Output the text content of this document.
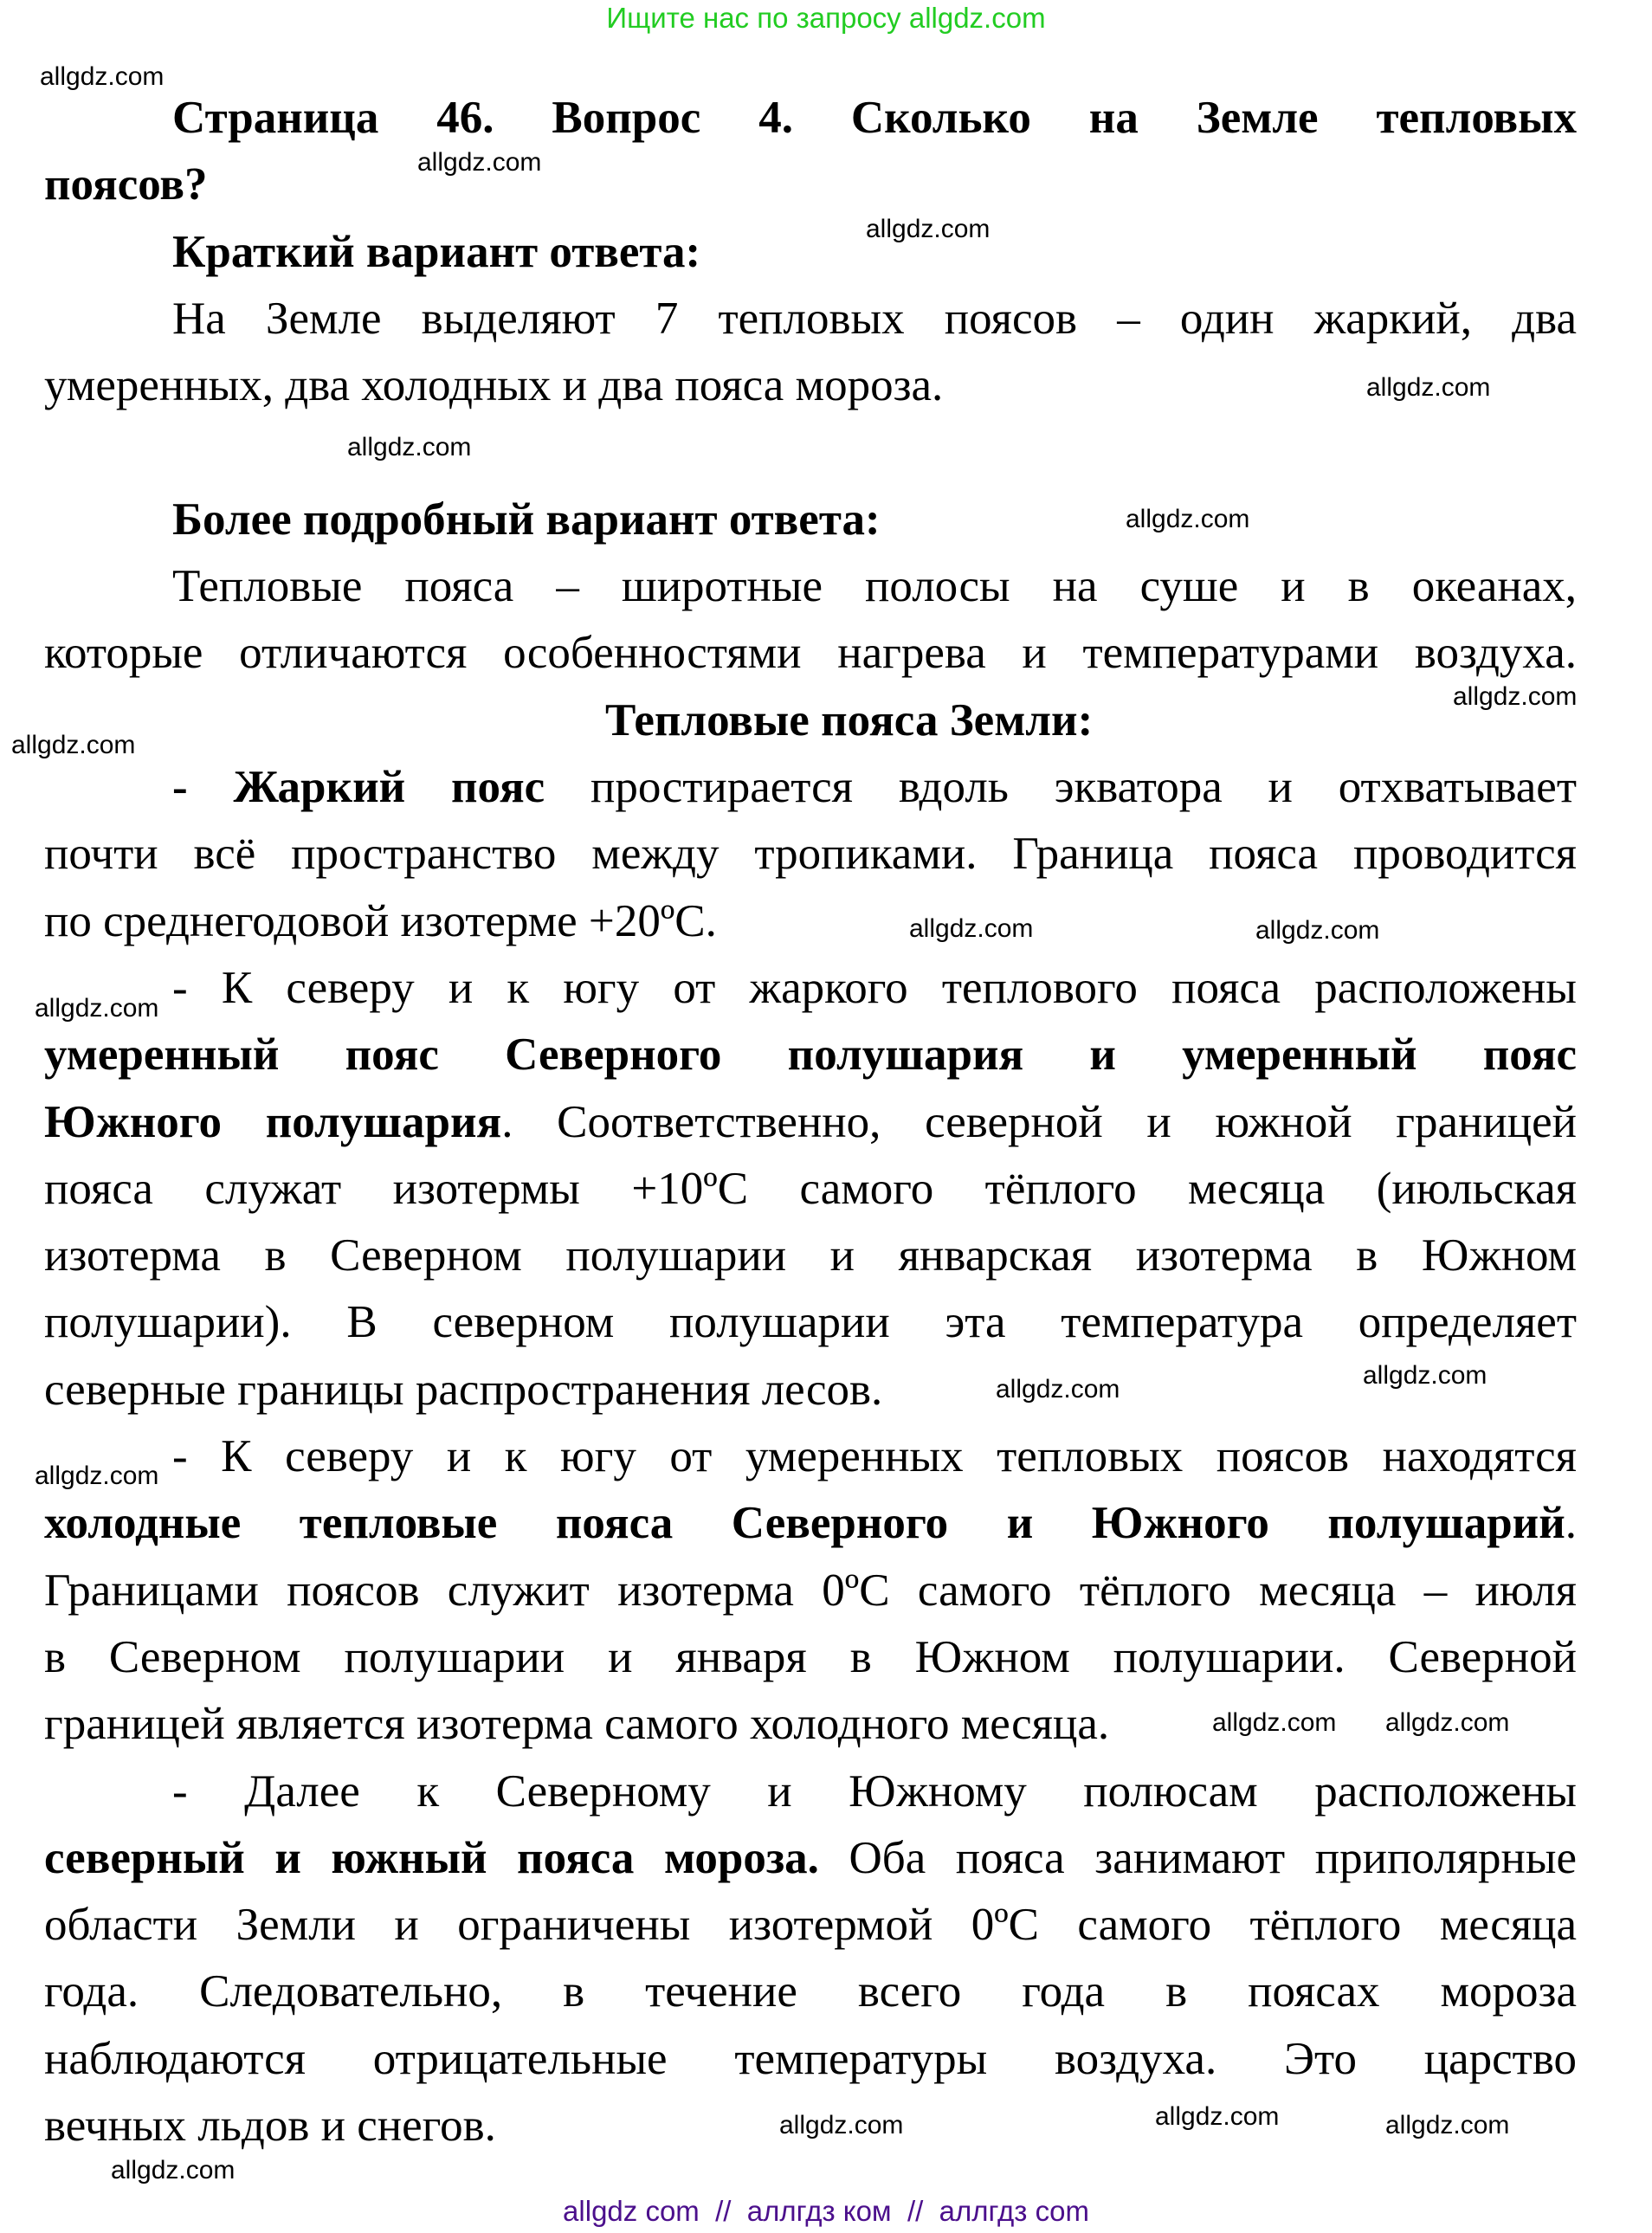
Ищите нас по запросу allgdz.com
Страница 46. Вопрос 4. Сколько на Земле тепловых
поясов?
Краткий вариант ответа:
На Земле выделяют 7 тепловых поясов – один жаркий, два
умеренных, два холодных и два пояса мороза.
Более подробный вариант ответа:
Тепловые пояса – широтные полосы на суше и в океанах,
которые отличаются особенностями нагрева и температурами воздуха.
Тепловые пояса Земли:
- Жаркий пояс простирается вдоль экватора и отхватывает
почти всё пространство между тропиками. Граница пояса проводится
по среднегодовой изотерме +20ºС.
- К северу и к югу от жаркого теплового пояса расположены
умеренный пояс Северного полушария и умеренный пояс
Южного полушария. Соответственно, северной и южной границей
пояса служат изотермы +10ºС самого тёплого месяца (июльская
изотерма в Северном полушарии и январская изотерма в Южном
полушарии). В северном полушарии эта температура определяет
северные границы распространения лесов.
- К северу и к югу от умеренных тепловых поясов находятся
холодные тепловые пояса Северного и Южного полушарий.
Границами поясов служит изотерма 0ºС самого тёплого месяца – июля
в Северном полушарии и января в Южном полушарии. Северной
границей является изотерма самого холодного месяца.
- Далее к Северному и Южному полюсам расположены
северный и южный пояса мороза. Оба пояса занимают приполярные
области Земли и ограничены изотермой 0ºС самого тёплого месяца
года. Следовательно, в течение всего года в поясах мороза
наблюдаются отрицательные температуры воздуха. Это царство
вечных льдов и снегов.
allgdz.com
allgdz.com
allgdz.com
allgdz.com
allgdz.com
allgdz.com
allgdz.com
allgdz.com
allgdz.com
allgdz.com
allgdz.com
allgdz.com	allgdz.com
allgdz.com
allgdz.com
allgdz.com
allgdz.com
allgdz.com	allgdz.com
allgdz.com
allgdz com  //  аллгдз ком  //  аллгдз com
